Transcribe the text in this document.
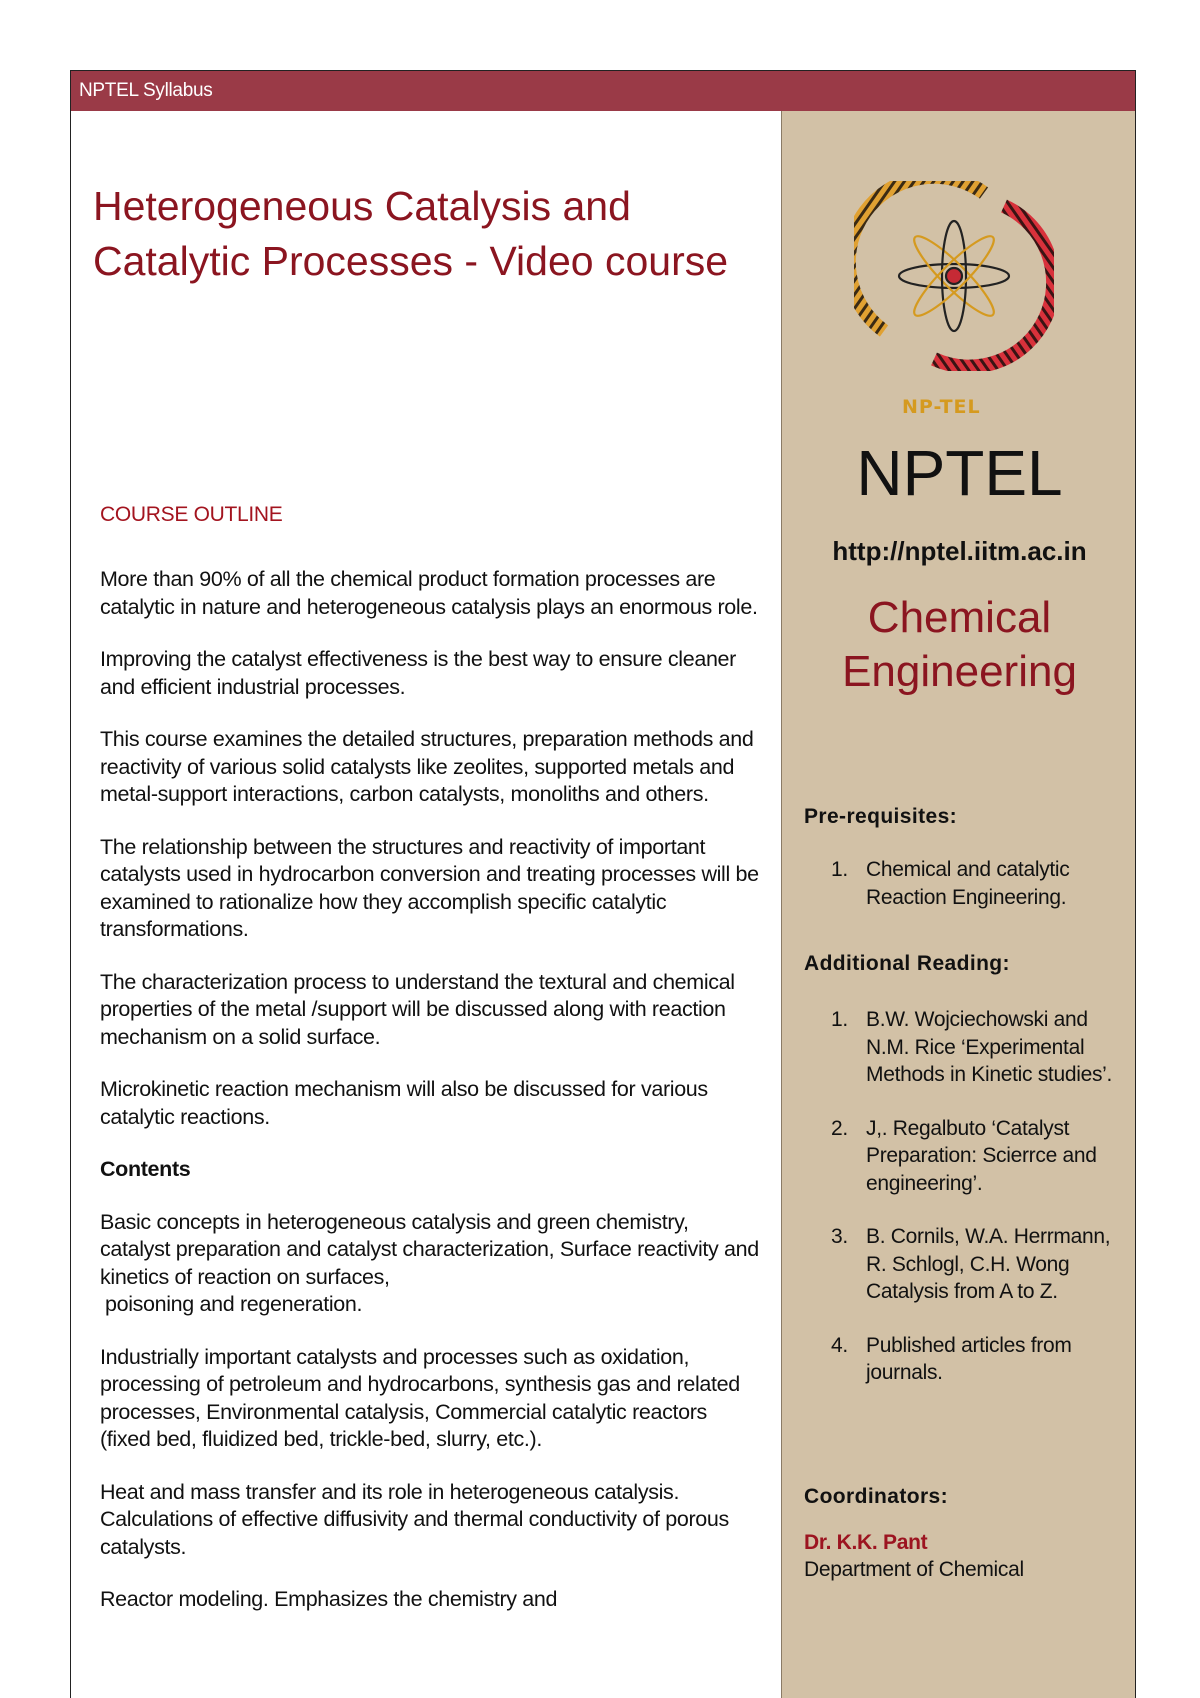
NPTEL Syllabus
Heterogeneous Catalysis and Catalytic Processes - Video course
COURSE OUTLINE

More than 90% of all the chemical product formation processes are catalytic in nature and heterogeneous catalysis plays an enormous role.

Improving the catalyst effectiveness is the best way to ensure cleaner and efficient industrial processes.

This course examines the detailed structures, preparation methods and reactivity of various solid catalysts like zeolites, supported metals and metal-support interactions, carbon catalysts, monoliths and others.

The relationship between the structures and reactivity of important catalysts used in hydrocarbon conversion and treating processes will be examined to rationalize how they accomplish specific catalytic transformations.

The characterization process to understand the textural and chemical properties of the metal /support will be discussed along with reaction mechanism on a solid surface.

Microkinetic reaction mechanism will also be discussed for various catalytic reactions.

Contents

Basic concepts in heterogeneous catalysis and green chemistry, catalyst preparation and catalyst characterization, Surface reactivity and kinetics of reaction on surfaces,
poisoning and regeneration.

Industrially important catalysts and processes such as oxidation, processing of petroleum and hydrocarbons, synthesis gas and related processes, Environmental catalysis, Commercial catalytic reactors (fixed bed, fluidized bed, trickle-bed, slurry, etc.).

Heat and mass transfer and its role in heterogeneous catalysis. Calculations of effective diffusivity and thermal conductivity of porous catalysts.

Reactor modeling. Emphasizes the chemistry and

NP-TEL
NPTEL
http://nptel.iitm.ac.in
Chemical
Engineering
Pre-requisites:
1. Chemical and catalytic Reaction Engineering.
Additional Reading:
1. B.W. Wojciechowski and N.M. Rice ‘Experimental Methods in Kinetic studies’.
2. J,. Regalbuto ‘Catalyst Preparation: Scierrce and engineering’.
3. B. Cornils, W.A. Herrmann, R. Schlogl, C.H. Wong Catalysis from A to Z.
4. Published articles from journals.
Coordinators:
Dr. K.K. Pant
Department of Chemical
